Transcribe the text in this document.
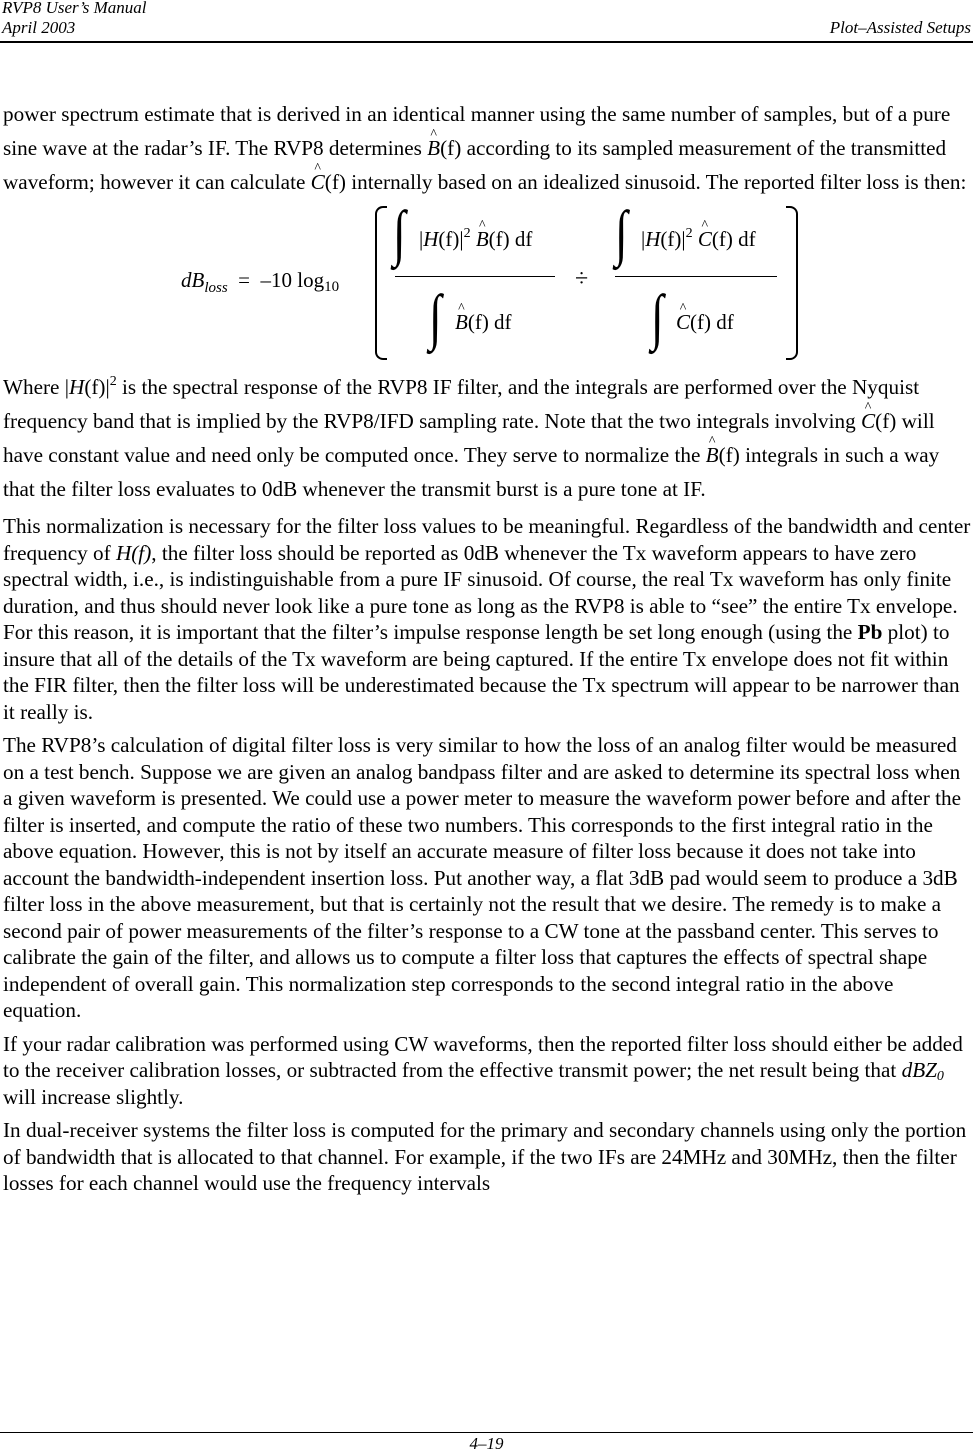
RVP8 User’s Manual
April 2003	Plot–Assisted Setups

power spectrum estimate that is derived in an identical manner using the same number of samples, but of a pure sine wave at the radar’s IF. The RVP8 determines ^ B(f) according to its sampled measurement of the transmitted waveform; however it can calculate ^ C(f) internally based on an idealized sinusoid. The reported filter loss is then:

$dB_{loss} = -10$ log10
∫ $|H(f)|^2$ ^ B(f) df
∫ ^ B(f) df
÷
∫ $|H(f)|^2$ ^ C(f) df
∫ ^ C(f) df

Where $|H(f)|^2$ is the spectral response of the RVP8 IF filter, and the integrals are performed over the Nyquist frequency band that is implied by the RVP8/IFD sampling rate. Note that the two integrals involving ^ C(f) will have constant value and need only be computed once. They serve to normalize the ^ B(f) integrals in such a way that the filter loss evaluates to 0dB whenever the transmit burst is a pure tone at IF.

This normalization is necessary for the filter loss values to be meaningful. Regardless of the bandwidth and center frequency of H(f), the filter loss should be reported as 0dB whenever the Tx waveform appears to have zero spectral width, i.e., is indistinguishable from a pure IF sinusoid. Of course, the real Tx waveform has only finite duration, and thus should never look like a pure tone as long as the RVP8 is able to “see” the entire Tx envelope. For this reason, it is important that the filter’s impulse response length be set long enough (using the Pb plot) to insure that all of the details of the Tx waveform are being captured. If the entire Tx envelope does not fit within the FIR filter, then the filter loss will be underestimated because the Tx spectrum will appear to be narrower than it really is.

The RVP8’s calculation of digital filter loss is very similar to how the loss of an analog filter would be measured on a test bench. Suppose we are given an analog bandpass filter and are asked to determine its spectral loss when a given waveform is presented. We could use a power meter to measure the waveform power before and after the filter is inserted, and compute the ratio of these two numbers. This corresponds to the first integral ratio in the above equation. However, this is not by itself an accurate measure of filter loss because it does not take into account the bandwidth-independent insertion loss. Put another way, a flat 3dB pad would seem to produce a 3dB filter loss in the above measurement, but that is certainly not the result that we desire. The remedy is to make a second pair of power measurements of the filter’s response to a CW tone at the passband center. This serves to calibrate the gain of the filter, and allows us to compute a filter loss that captures the effects of spectral shape independent of overall gain. This normalization step corresponds to the second integral ratio in the above equation.

If your radar calibration was performed using CW waveforms, then the reported filter loss should either be added to the receiver calibration losses, or subtracted from the effective transmit power; the net result being that dBZ$_0$ will increase slightly.

In dual-receiver systems the filter loss is computed for the primary and secondary channels using only the portion of bandwidth that is allocated to that channel. For example, if the two IFs are 24MHz and 30MHz, then the filter losses for each channel would use the frequency intervals

4–19
